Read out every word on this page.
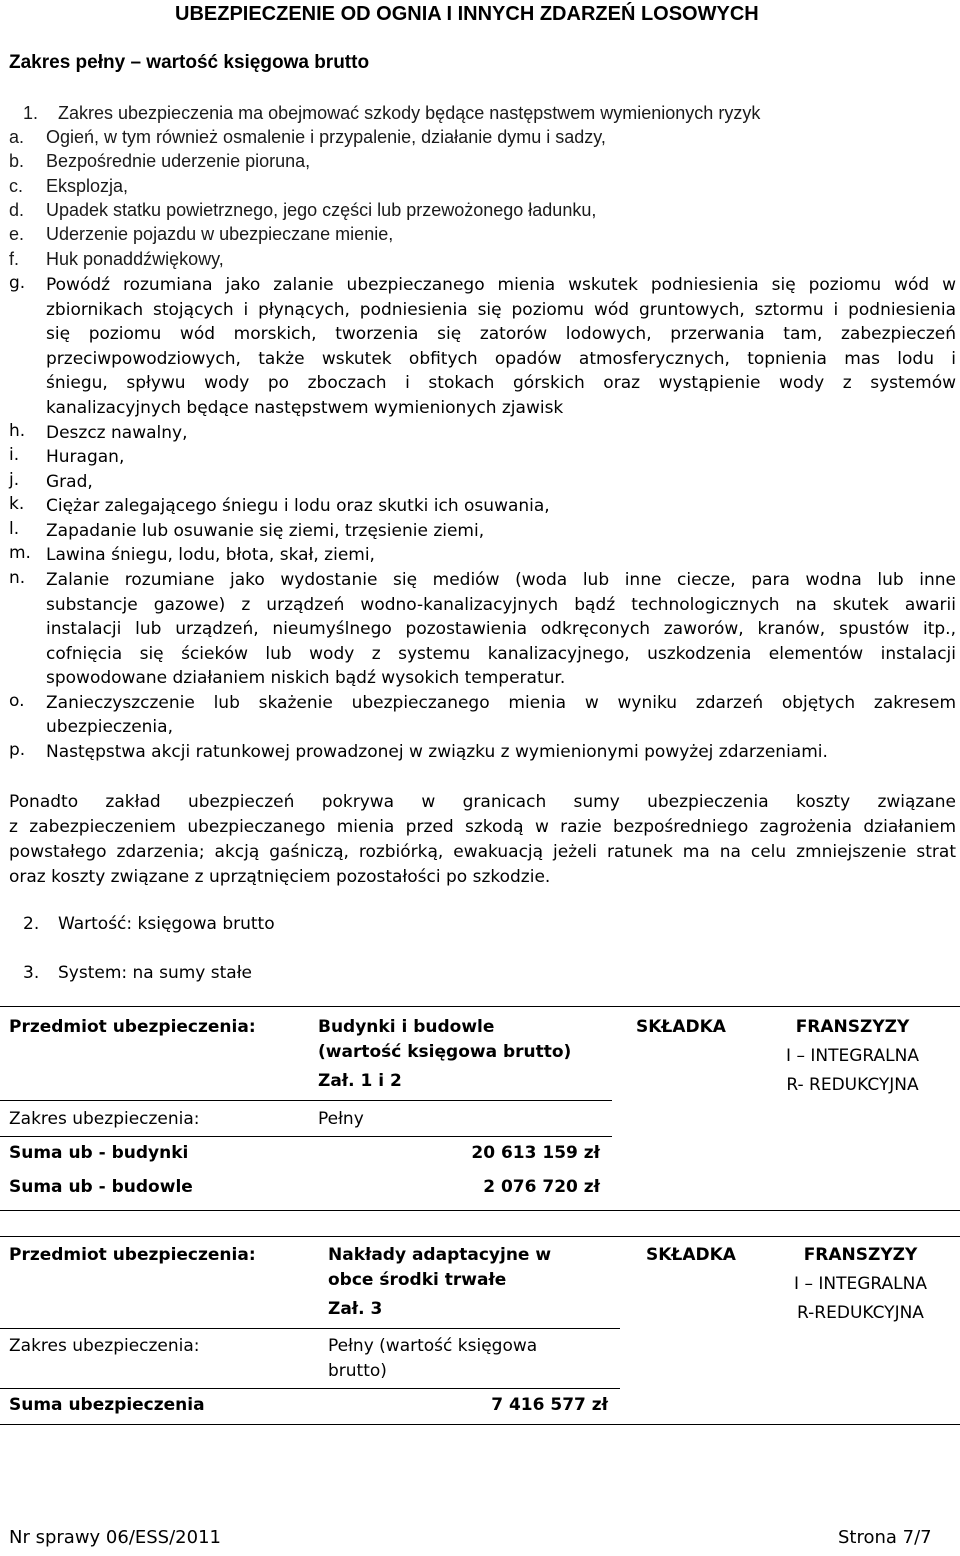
UBEZPIECZENIE OD OGNIA I INNYCH ZDARZEŃ LOSOWYCH
Zakres pełny – wartość księgowa brutto
1. Zakres ubezpieczenia ma obejmować szkody będące następstwem wymienionych ryzyk
a. Ogień, w tym również osmalenie i przypalenie, działanie dymu i sadzy,
b. Bezpośrednie uderzenie pioruna,
c. Eksplozja,
d. Upadek statku powietrznego, jego części lub przewożonego ładunku,
e. Uderzenie pojazdu w ubezpieczane mienie,
f. Huk ponaddźwiękowy,
g. Powódź rozumiana jako zalanie ubezpieczanego mienia wskutek podniesienia się poziomu wód w
zbiornikach stojących i płynących, podniesienia się poziomu wód gruntowych, sztormu i podniesienia
się poziomu wód morskich, tworzenia się zatorów lodowych, przerwania tam, zabezpieczeń
przeciwpowodziowych, także wskutek obfitych opadów atmosferycznych, topnienia mas lodu i
śniegu, spływu wody po zboczach i stokach górskich oraz wystąpienie wody z systemów
kanalizacyjnych będące następstwem wymienionych zjawisk
h. Deszcz nawalny,
i. Huragan,
j. Grad,
k. Ciężar zalegającego śniegu i lodu oraz skutki ich osuwania,
l. Zapadanie lub osuwanie się ziemi, trzęsienie ziemi,
m. Lawina śniegu, lodu, błota, skał, ziemi,
n. Zalanie rozumiane jako wydostanie się mediów (woda lub inne ciecze, para wodna lub inne
substancje gazowe) z urządzeń wodno-kanalizacyjnych bądź technologicznych na skutek awarii
instalacji lub urządzeń, nieumyślnego pozostawienia odkręconych zaworów, kranów, spustów itp.,
cofnięcia się ścieków lub wody z systemu kanalizacyjnego, uszkodzenia elementów instalacji
spowodowane działaniem niskich bądź wysokich temperatur.
o. Zanieczyszczenie lub skażenie ubezpieczanego mienia w wyniku zdarzeń objętych zakresem
ubezpieczenia,
p. Następstwa akcji ratunkowej prowadzonej w związku z wymienionymi powyżej zdarzeniami.
Ponadto zakład ubezpieczeń pokrywa w granicach sumy ubezpieczenia koszty związane
z zabezpieczeniem ubezpieczanego mienia przed szkodą w razie bezpośredniego zagrożenia działaniem
powstałego zdarzenia; akcją gaśniczą, rozbiórką, ewakuacją jeżeli ratunek ma na celu zmniejszenie strat
oraz koszty związane z uprzątnięciem pozostałości po szkodzie.
2. Wartość: księgowa brutto
3. System: na sumy stałe
Przedmiot ubezpieczenia:	Budynki i budowle
(wartość księgowa brutto)
Zał. 1 i 2
SKŁADKA	FRANSZYZY
I – INTEGRALNA
R- REDUKCYJNA
Zakres ubezpieczenia:	Pełny
Suma ub - budynki	20 613 159 zł
Suma ub - budowle	2 076 720 zł
Przedmiot ubezpieczenia:	Nakłady adaptacyjne w
obce środki trwałe
Zał. 3
SKŁADKA	FRANSZYZY
I – INTEGRALNA
R-REDUKCYJNA
Zakres ubezpieczenia:	Pełny (wartość księgowa
brutto)
Suma ubezpieczenia	7 416 577 zł
Nr sprawy 06/ESS/2011	Strona 7/7
